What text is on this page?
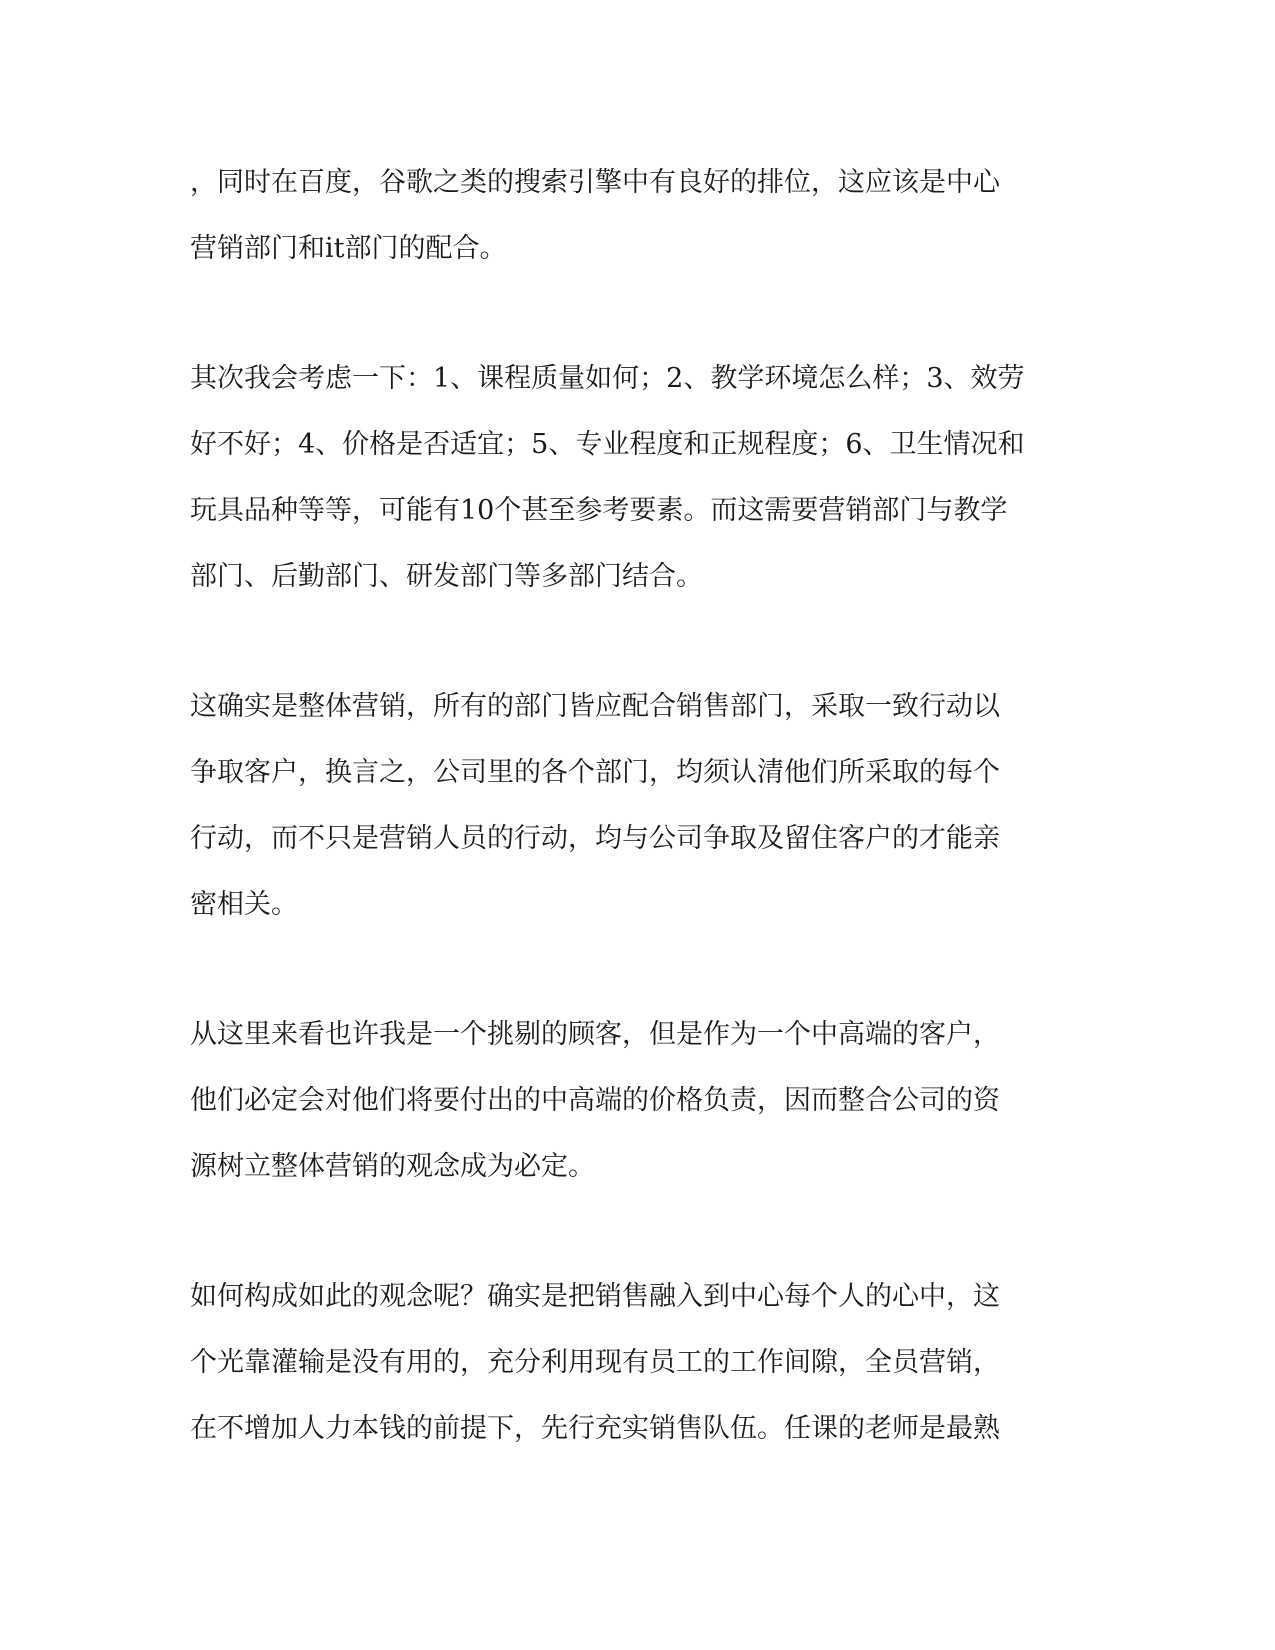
，同时在百度，谷歌之类的搜索引擎中有良好的排位，这应该是中心
营销部门和it部门的配合。
其次我会考虑一下：1、课程质量如何；2、教学环境怎么样；3、效劳
好不好；4、价格是否适宜；5、专业程度和正规程度；6、卫生情况和
玩具品种等等，可能有10个甚至参考要素。而这需要营销部门与教学
部门、后勤部门、研发部门等多部门结合。
这确实是整体营销，所有的部门皆应配合销售部门，采取一致行动以
争取客户，换言之，公司里的各个部门，均须认清他们所采取的每个
行动，而不只是营销人员的行动，均与公司争取及留住客户的才能亲
密相关。
从这里来看也许我是一个挑剔的顾客，但是作为一个中高端的客户，
他们必定会对他们将要付出的中高端的价格负责，因而整合公司的资
源树立整体营销的观念成为必定。
如何构成如此的观念呢？确实是把销售融入到中心每个人的心中，这
个光靠灌输是没有用的，充分利用现有员工的工作间隙，全员营销，
在不增加人力本钱的前提下，先行充实销售队伍。任课的老师是最熟
